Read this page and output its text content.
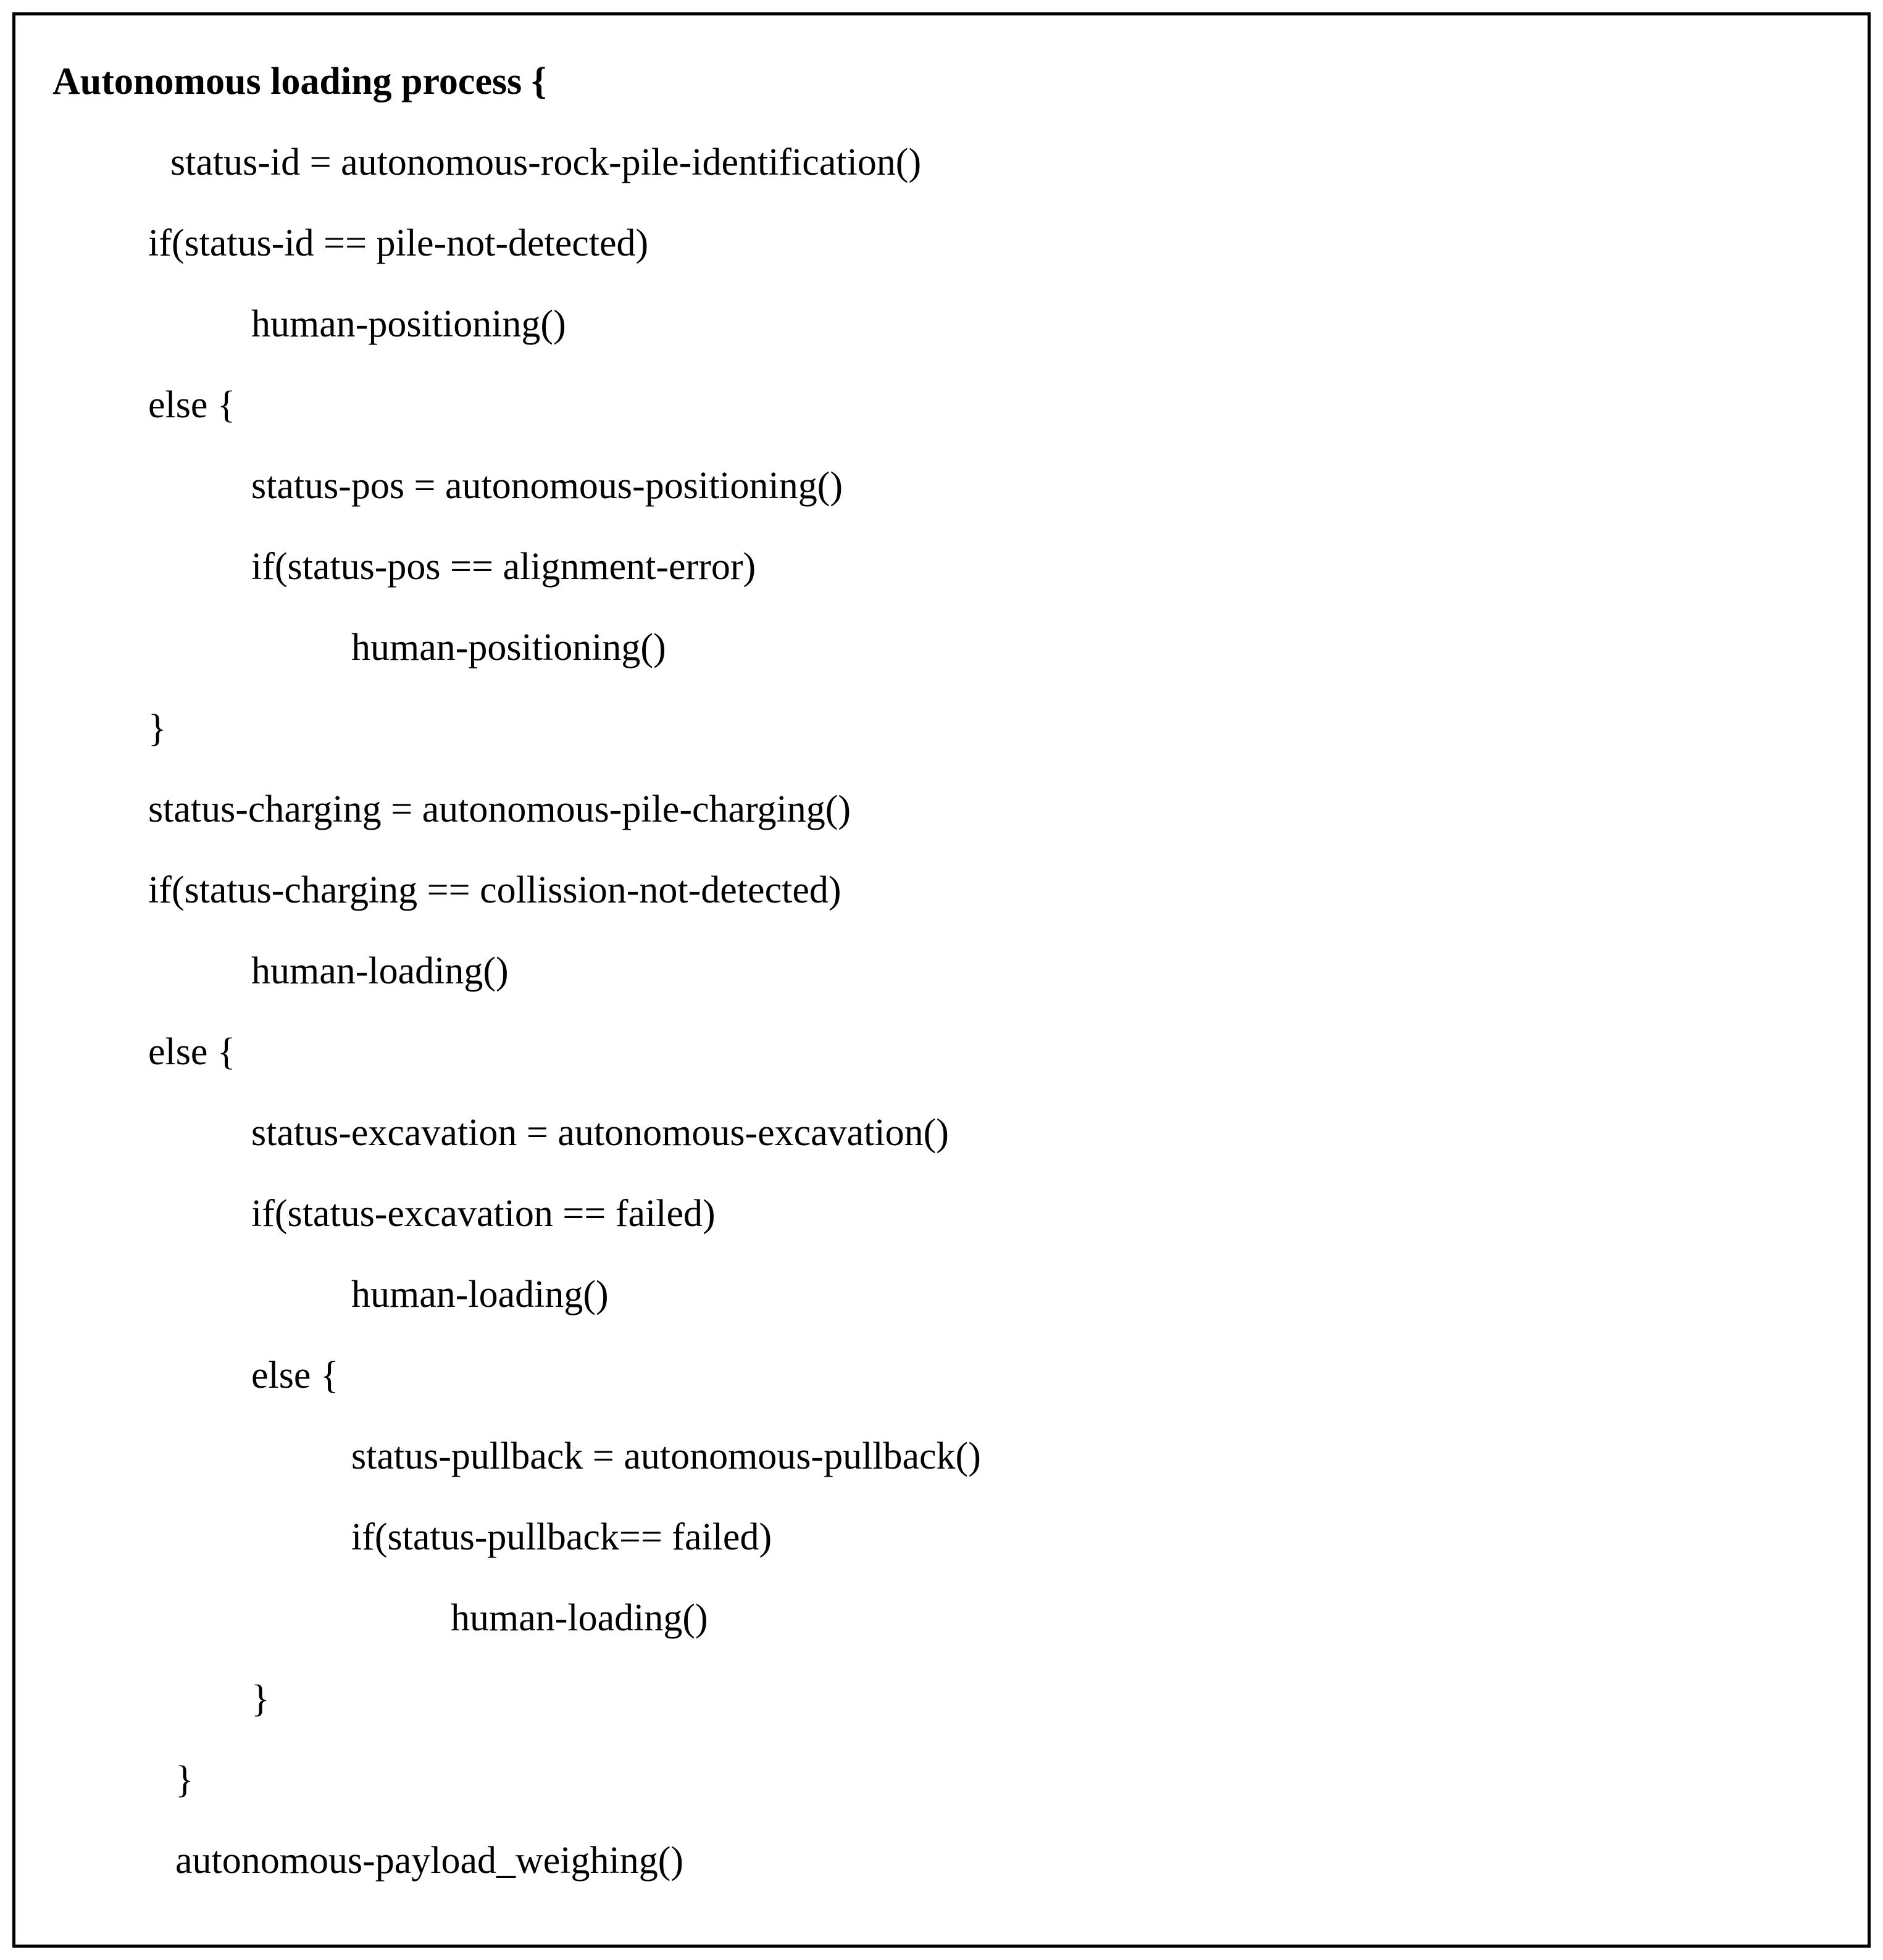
Autonomous loading process {
status-id = autonomous-rock-pile-identification()
if(status-id == pile-not-detected)
human-positioning()
else {
status-pos = autonomous-positioning()
if(status-pos == alignment-error)
human-positioning()
}
status-charging = autonomous-pile-charging()
if(status-charging == collission-not-detected)
human-loading()
else {
status-excavation = autonomous-excavation()
if(status-excavation == failed)
human-loading()
else {
status-pullback = autonomous-pullback()
if(status-pullback== failed)
human-loading()
}
}
autonomous-payload_weighing()
